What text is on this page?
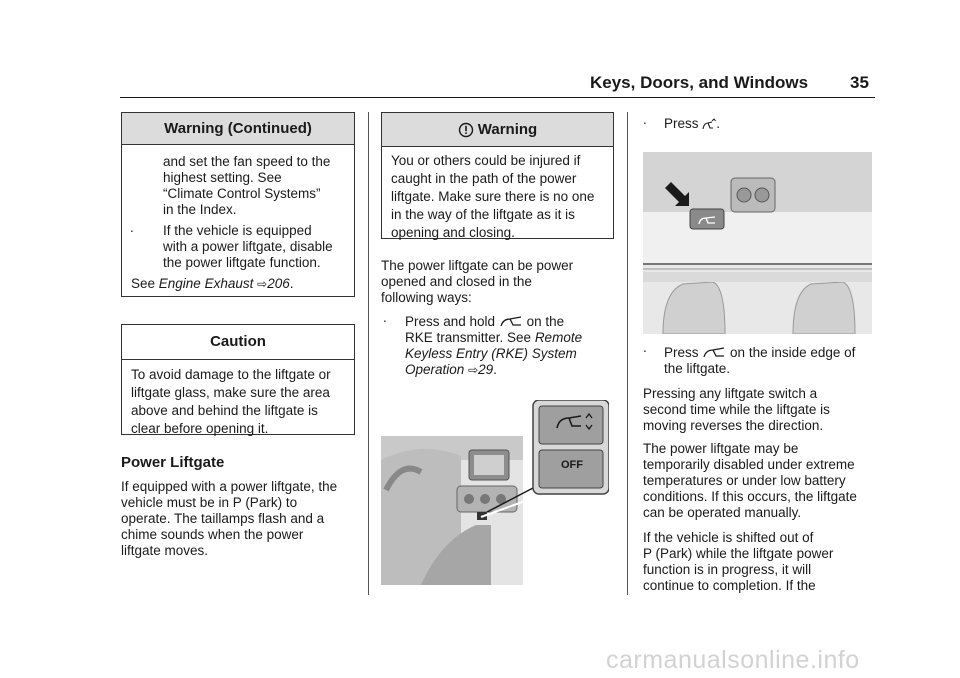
Keys, Doors, and Windows 35
Warning (Continued)
and set the fan speed to the
highest setting. See
“Climate Control Systems”
in the Index.
. If the vehicle is equipped
with a power liftgate, disable
the power liftgate function.
See Engine Exhaust ⇨206.
Caution
To avoid damage to the liftgate or
liftgate glass, make sure the area
above and behind the liftgate is
clear before opening it.
Power Liftgate
If equipped with a power liftgate, the
vehicle must be in P (Park) to
operate. The taillamps flash and a
chime sounds when the power
liftgate moves.
Warning
You or others could be injured if
caught in the path of the power
liftgate. Make sure there is no one
in the way of the liftgate as it is
opening and closing.
The power liftgate can be power
opened and closed in the
following ways:
. Press and hold on the
RKE transmitter. See Remote
Keyless Entry (RKE) System
Operation ⇨29.
OFF
. Press .
. Press on the inside edge of
the liftgate.
Pressing any liftgate switch a
second time while the liftgate is
moving reverses the direction.
The power liftgate may be
temporarily disabled under extreme
temperatures or under low battery
conditions. If this occurs, the liftgate
can be operated manually.
If the vehicle is shifted out of
P (Park) while the liftgate power
function is in progress, it will
continue to completion. If the
carmanualsonline.info
